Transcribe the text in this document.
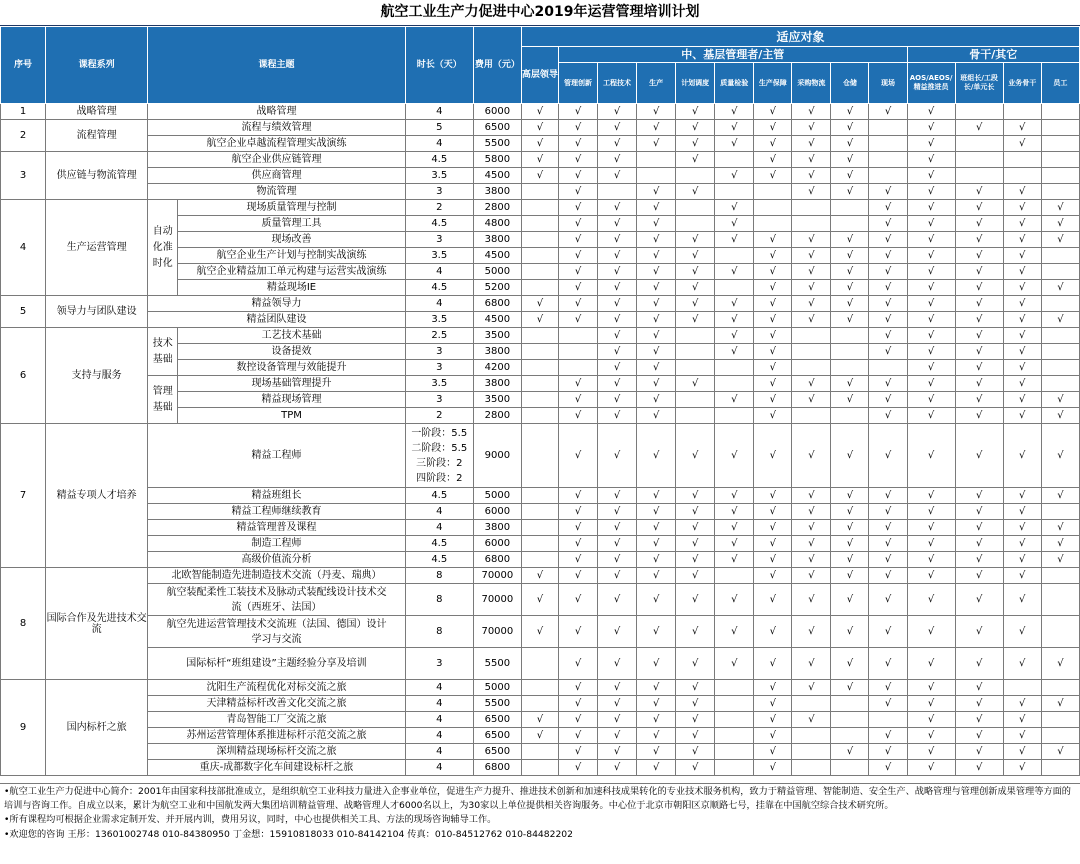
航空工业生产力促进中心2019年运营管理培训计划
序号	课程系列	课程主题		时长（天）	费用（元）	适应对象													
						高层领导	中、基层管理者/主管									骨干/其它			
							管理创新	工程技术	生产	计划调度	质量检验	生产保障	采购物流	仓储	现场	AOS/AEOS/精益推进员	班组长/工段长/单元长	业务骨干	员工
1	战略管理	战略管理		4	6000	√	√	√	√	√	√	√	√	√	√	√			
2	流程管理	流程与绩效管理		5	6500	√	√	√	√	√	√	√	√	√		√	√	√	
		航空企业卓越流程管理实战演练		4	5500	√	√	√	√	√	√	√	√	√		√		√	
3	供应链与物流管理	航空企业供应链管理		4.5	5800	√	√	√		√		√	√	√		√			
		供应商管理		3.5	4500	√	√	√			√	√	√	√		√			
		物流管理		3	3800		√		√	√			√	√	√	√	√	√	
4	生产运营管理	自动化准时化	现场质量管理与控制	2	2800		√	√	√		√				√	√	√	√	√
			质量管理工具	4.5	4800		√	√	√		√				√	√	√	√	√
			现场改善	3	3800		√	√	√	√	√	√	√	√	√	√	√	√	√
			航空企业生产计划与控制实战演练	3.5	4500		√	√	√	√		√	√	√	√	√	√	√	
			航空企业精益加工单元构建与运营实战演练	4	5000		√	√	√	√	√	√	√	√	√	√	√	√	
			精益现场IE	4.5	5200		√	√	√	√		√	√	√	√	√	√	√	√
5	领导力与团队建设	精益领导力		4	6800	√	√	√	√	√	√	√	√	√	√	√	√	√	
		精益团队建设		3.5	4500	√	√	√	√	√	√	√	√	√	√	√	√	√	√
6	支持与服务	技术基础	工艺技术基础	2.5	3500			√	√		√	√			√	√	√	√	
			设备提效	3	3800			√	√		√	√			√	√	√	√	
			数控设备管理与效能提升	3	4200			√	√			√				√	√	√	
		管理基础	现场基础管理提升	3.5	3800		√	√	√	√		√	√	√	√	√	√	√	
			精益现场管理	3	3500		√	√	√		√	√	√	√	√	√	√	√	√
			TPM	2	2800		√	√	√			√			√	√	√	√	√
7	精益专项人才培养	精益工程师		一阶段：5.5
二阶段：5.5
三阶段：2
四阶段：2	9000		√	√	√	√	√	√	√	√	√	√	√	√	√
		精益班组长		4.5	5000		√	√	√	√	√	√	√	√	√	√	√	√	√
		精益工程师继续教育		4	6000		√	√	√	√	√	√	√	√	√	√	√	√	
		精益管理普及课程		4	3800		√	√	√	√	√	√	√	√	√	√	√	√	√
		制造工程师		4.5	6000		√	√	√	√	√	√	√	√	√	√	√	√	√
		高级价值流分析		4.5	6800		√	√	√	√	√	√	√	√	√	√	√	√	√
8	国际合作及先进技术交流	北欧智能制造先进制造技术交流（丹麦、瑞典）		8	70000	√	√	√	√	√		√	√	√	√	√	√	√	

		航空装配柔性工装技术及脉动式装配线设计技术交
流（西班牙、法国）		8	70000	√	√	√	√	√	√	√	√	√	√	√	√	√	

		航空先进运营管理技术交流班（法国、德国）设计
学习与交流		8	70000	√	√	√	√	√	√	√	√	√	√	√	√	√	
		国际标杆“班组建设”主题经验分享及培训		3	5500		√	√	√	√	√	√	√	√	√	√	√	√	√
9	国内标杆之旅	沈阳生产流程优化对标交流之旅		4	5000		√	√	√	√		√	√	√	√	√	√		
		天津精益标杆改善文化交流之旅		4	5500		√	√	√	√		√			√	√	√	√	√
		青岛智能工厂交流之旅		4	6500	√	√	√	√	√		√	√			√	√	√	
		苏州运营管理体系推进标杆示范交流之旅		4	6500	√	√	√	√	√		√			√	√	√	√	
		深圳精益现场标杆交流之旅		4	6500		√	√	√	√		√		√	√	√	√	√	√
		重庆-成都数字化车间建设标杆之旅		4	6800		√	√	√	√		√			√	√	√	√	

•航空工业生产力促进中心简介：2001年由国家科技部批准成立，是组织航空工业科技力量进入企事业单位，促进生产力提升、推进技术创新和加速科技成果转化的专业技术服务机构，致力于精益管理、智能制造、安全生产、战略管理与管理创新成果管理等方面的培训与咨询工作。自成立以来，累计为航空工业和中国航发两大集团培训精益管理、战略管理人才6000名以上，为30家以上单位提供相关咨询服务。中心位于北京市朝阳区京顺路七号，挂靠在中国航空综合技术研究所。

•所有课程均可根据企业需求定制开发、并开展内训，费用另议，同时，中心也提供相关工具、方法的现场咨询辅导工作。

•欢迎您的咨询 王彤：13601002748 010-84380950 丁金想：15910818033 010-84142104 传真：010-84512762 010-84482202
